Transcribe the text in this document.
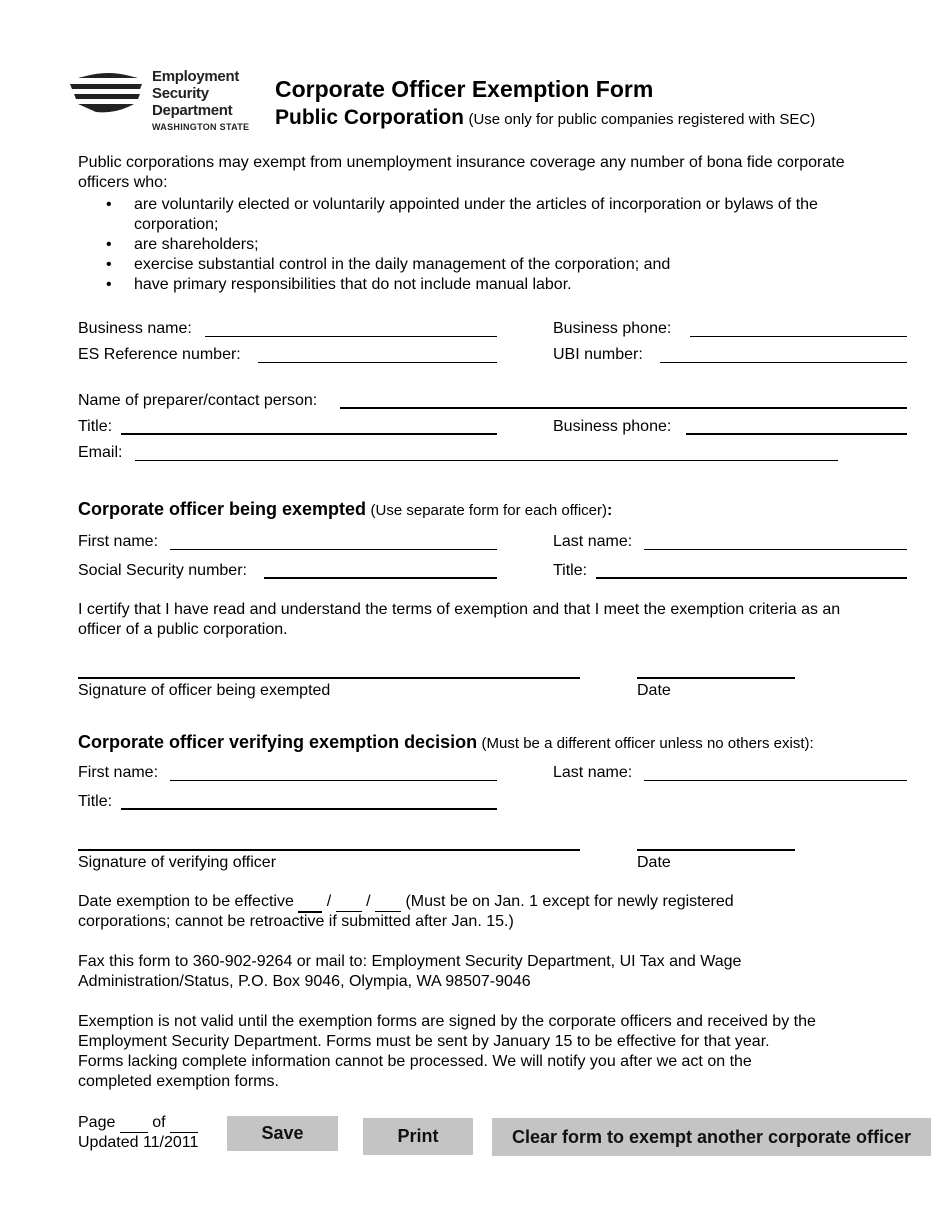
Employment
Security
Department
WASHINGTON STATE
Corporate Officer Exemption Form
Public Corporation (Use only for public companies registered with SEC)
Public corporations may exempt from unemployment insurance coverage any number of bona fide corporate officers who:
• are voluntarily elected or voluntarily appointed under the articles of incorporation or bylaws of the corporation;
• are shareholders;
• exercise substantial control in the daily management of the corporation; and
• have primary responsibilities that do not include manual labor.
Business name:	Business phone:
ES Reference number:	UBI number:
Name of preparer/contact person:
Title:	Business phone:
Email:
Corporate officer being exempted (Use separate form for each officer):
First name:	Last name:
Social Security number:	Title:
I certify that I have read and understand the terms of exemption and that I meet the exemption criteria as an officer of a public corporation.
Signature of officer being exempted	Date
Corporate officer verifying exemption decision (Must be a different officer unless no others exist):
First name:	Last name:
Title:
Signature of verifying officer	Date
Date exemption to be effective / / (Must be on Jan. 1 except for newly registered
corporations; cannot be retroactive if submitted after Jan. 15.)
Fax this form to 360-902-9264 or mail to: Employment Security Department, UI Tax and Wage
Administration/Status, P.O. Box 9046, Olympia, WA 98507-9046
Exemption is not valid until the exemption forms are signed by the corporate officers and received by the
Employment Security Department. Forms must be sent by January 15 to be effective for that year.
Forms lacking complete information cannot be processed. We will notify you after we act on the
completed exemption forms.
Page of
Updated 11/2011	Save	Print	Clear form to exempt another corporate officer
